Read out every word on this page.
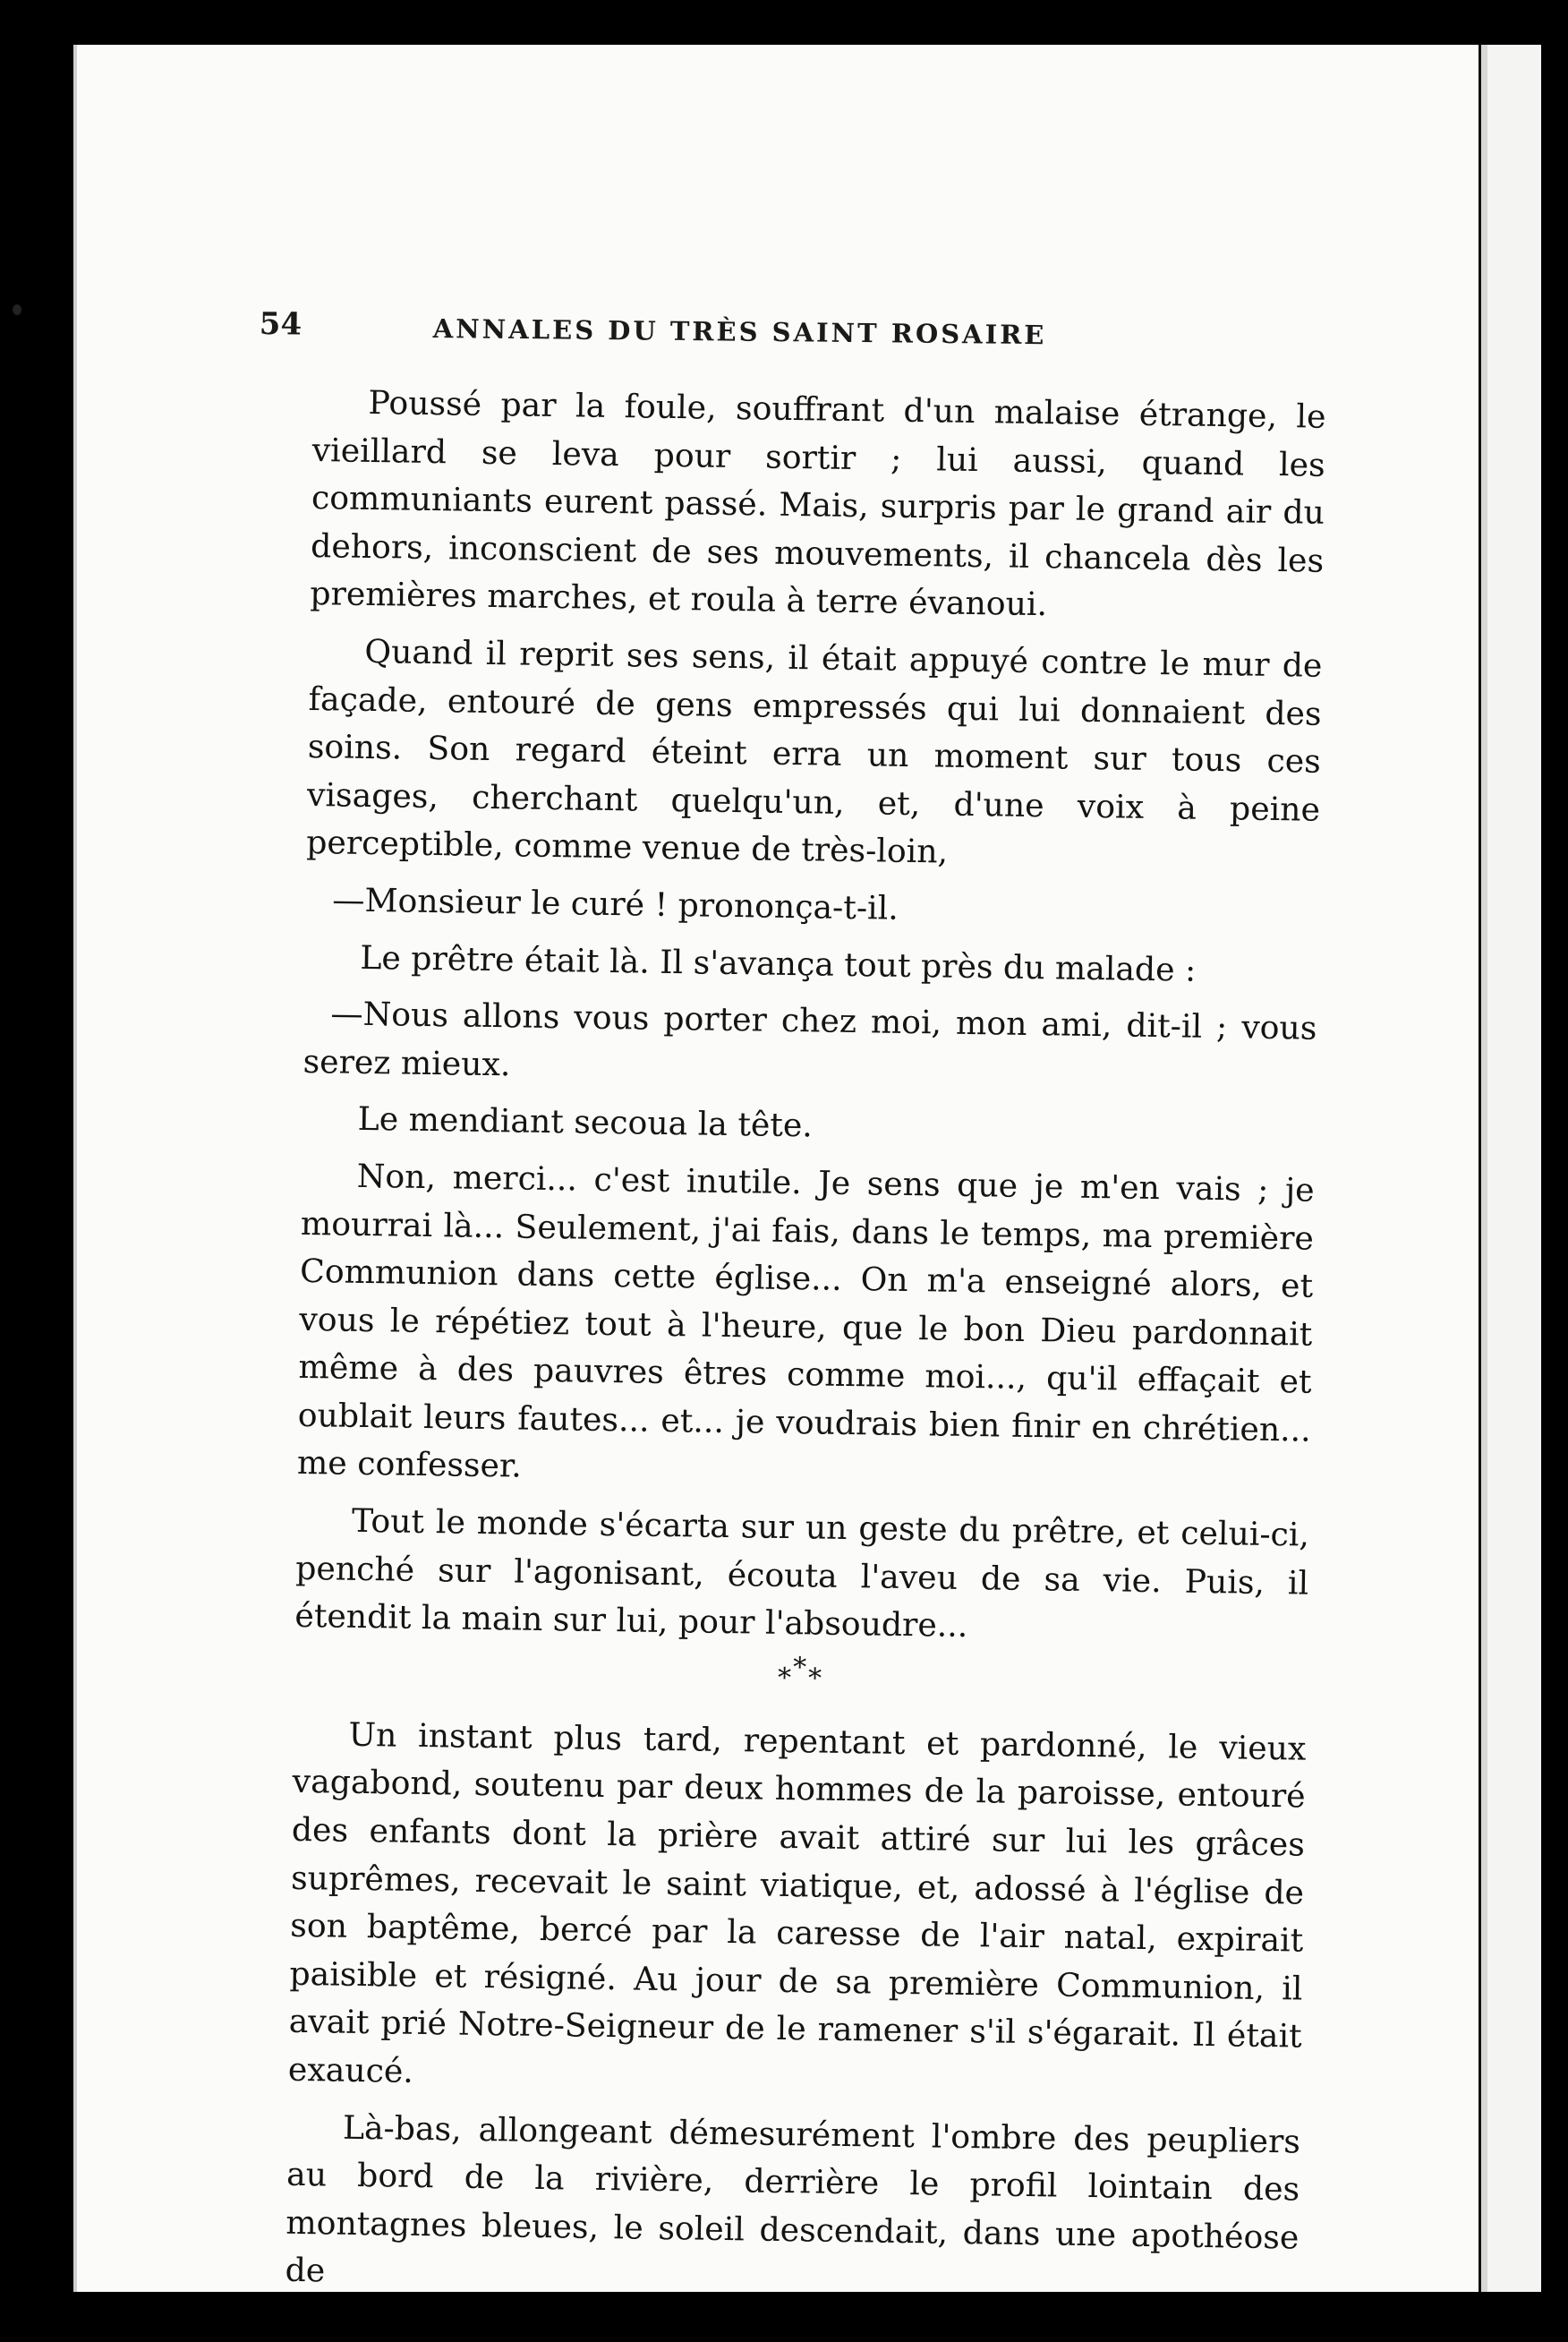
54	ANNALES DU TRÈS SAINT ROSAIRE

Poussé par la foule, souffrant d'un malaise étrange, le vieillard se leva pour sortir ; lui aussi, quand les communiants eurent passé. Mais, surpris par le grand air du dehors, inconscient de ses mouvements, il chancela dès les premières marches, et roula à terre évanoui.

Quand il reprit ses sens, il était appuyé contre le mur de façade, entouré de gens empressés qui lui donnaient des soins. Son regard éteint erra un moment sur tous ces visages, cherchant quelqu'un, et, d'une voix à peine perceptible, comme venue de très-loin,

—Monsieur le curé ! prononça-t-il.

Le prêtre était là. Il s'avança tout près du malade :

—Nous allons vous porter chez moi, mon ami, dit-il ; vous serez mieux.

Le mendiant secoua la tête.

Non, merci... c'est inutile. Je sens que je m'en vais ; je mourrai là... Seulement, j'ai fais, dans le temps, ma première Communion dans cette église... On m'a enseigné alors, et vous le répétiez tout à l'heure, que le bon Dieu pardonnait même à des pauvres êtres comme moi..., qu'il effaçait et oublait leurs fautes... et... je voudrais bien finir en chrétien... me confesser.

Tout le monde s'écarta sur un geste du prêtre, et celui-ci, penché sur l'agonisant, écouta l'aveu de sa vie. Puis, il étendit la main sur lui, pour l'absoudre...

***

Un instant plus tard, repentant et pardonné, le vieux vagabond, soutenu par deux hommes de la paroisse, entouré des enfants dont la prière avait attiré sur lui les grâces suprêmes, recevait le saint viatique, et, adossé à l'église de son baptême, bercé par la caresse de l'air natal, expirait paisible et résigné. Au jour de sa première Communion, il avait prié Notre-Seigneur de le ramener s'il s'égarait. Il était exaucé.

Là-bas, allongeant démesurément l'ombre des peupliers au bord de la rivière, derrière le profil lointain des montagnes bleues, le soleil descendait, dans une apothéose de
